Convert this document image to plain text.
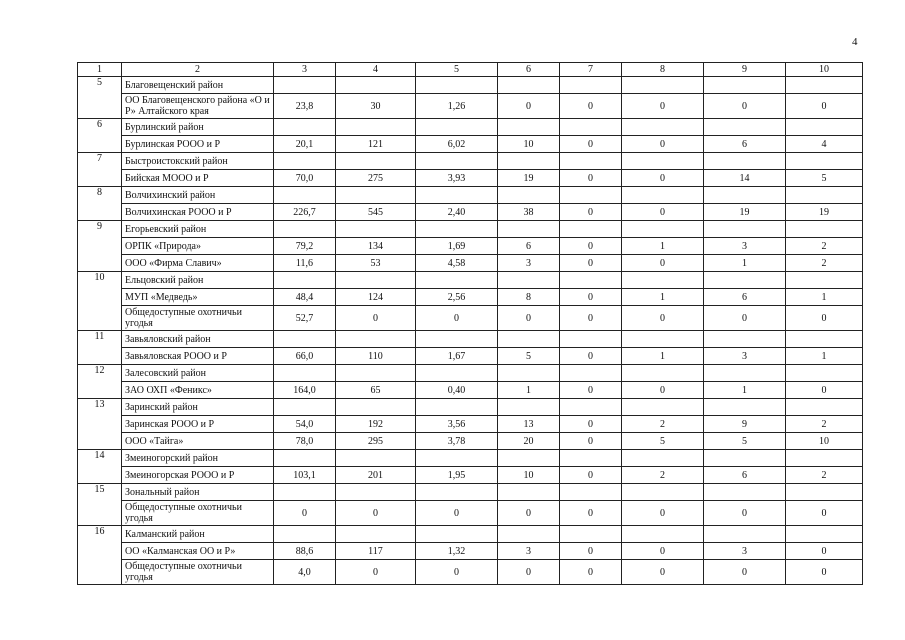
4
1	2	3	4	5	6	7	8	9	10
5	Благовещенский район								
	ОО Благовещенского района «О и Р» Алтайского края	23,8	30	1,26	0	0	0	0	0
6	Бурлинский район								
	Бурлинская РООО и Р	20,1	121	6,02	10	0	0	6	4
7	Быстроистокский район								
	Бийская МООО и Р	70,0	275	3,93	19	0	0	14	5
8	Волчихинский район								
	Волчихинская РООО и Р	226,7	545	2,40	38	0	0	19	19
9	Егорьевский район								
	ОРПК «Природа»	79,2	134	1,69	6	0	1	3	2
	ООО «Фирма Славич»	11,6	53	4,58	3	0	0	1	2
10	Ельцовский район								
	МУП «Медведь»	48,4	124	2,56	8	0	1	6	1
	Общедоступные охотничьи угодья	52,7	0	0	0	0	0	0	0
11	Завьяловский район								
	Завьяловская РООО и Р	66,0	110	1,67	5	0	1	3	1
12	Залесовский район								
	ЗАО ОХП «Феникс»	164,0	65	0,40	1	0	0	1	0
13	Заринский район								
	Заринская РООО и Р	54,0	192	3,56	13	0	2	9	2
	ООО «Тайга»	78,0	295	3,78	20	0	5	5	10
14	Змеиногорский район								
	Змеиногорская РООО и Р	103,1	201	1,95	10	0	2	6	2
15	Зональный район								
	Общедоступные охотничьи угодья	0	0	0	0	0	0	0	0
16	Калманский район								
	ОО «Калманская ОО и Р»	88,6	117	1,32	3	0	0	3	0
	Общедоступные охотничьи угодья	4,0	0	0	0	0	0	0	0
